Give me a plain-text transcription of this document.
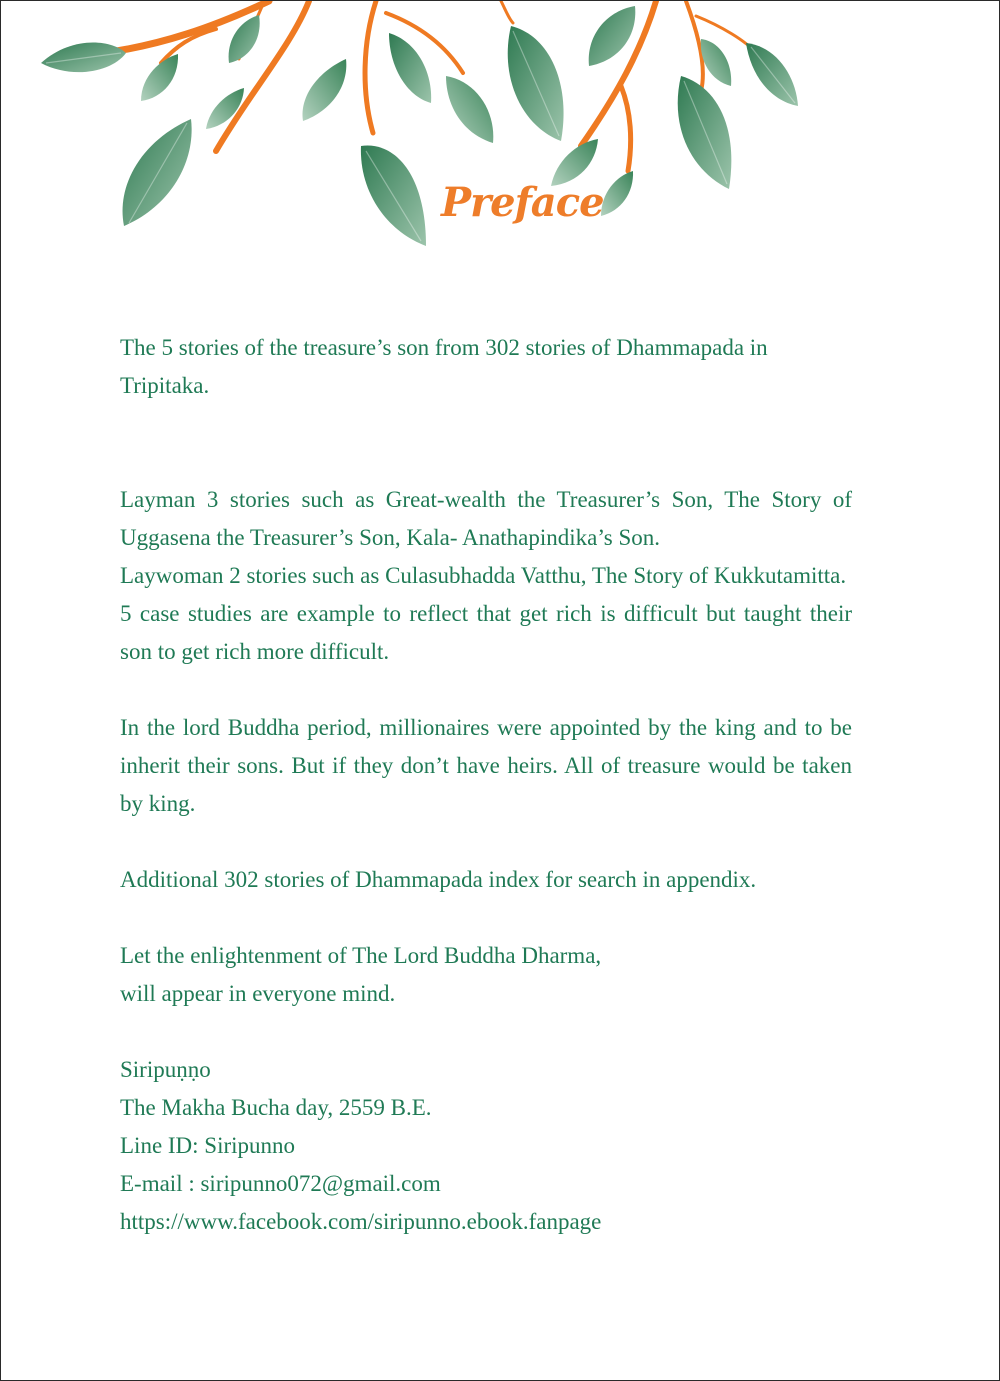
Preface

The 5 stories of the treasure’s son from 302 stories of Dhammapada in Tripitaka.

Layman 3 stories such as Great-wealth the Treasurer’s Son, The Story of Uggasena the Treasurer’s Son, Kala- Anathapindika’s Son.

Laywoman 2 stories such as Culasubhadda Vatthu, The Story of Kukkutamitta.

5 case studies are example to reflect that get rich is difficult but taught their son to get rich more difficult.

In the lord Buddha period, millionaires were appointed by the king and to be inherit their sons. But if they don’t have heirs. All of treasure would be taken by king.

Additional 302 stories of Dhammapada index for search in appendix.

Let the enlightenment of The Lord Buddha Dharma,

will appear in everyone mind.

Siripuṇṇo

The Makha Bucha day, 2559 B.E.

Line ID: Siripunno

E-mail : siripunno072@gmail.com

https://www.facebook.com/siripunno.ebook.fanpage
